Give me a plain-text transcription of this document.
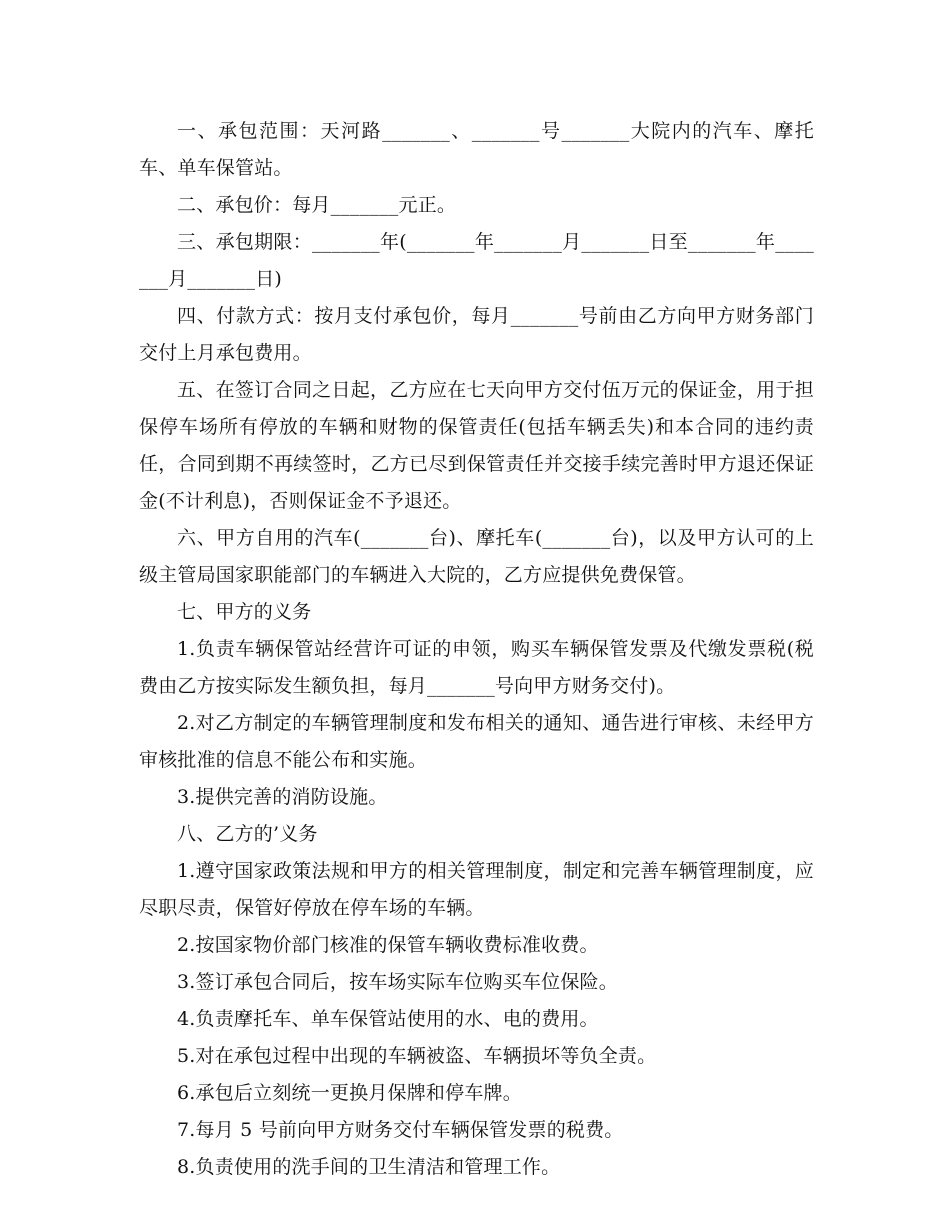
一、承包范围：天河路_______、_______号_______大院内的汽车、摩托车、单车保管站。

二、承包价：每月_______元正。

三、承包期限：_______年(_______年_______月_______日至_______年_______月_______日)

四、付款方式：按月支付承包价，每月_______号前由乙方向甲方财务部门交付上月承包费用。

五、在签订合同之日起，乙方应在七天向甲方交付伍万元的保证金，用于担保停车场所有停放的车辆和财物的保管责任(包括车辆丢失)和本合同的违约责任，合同到期不再续签时，乙方已尽到保管责任并交接手续完善时甲方退还保证金(不计利息)，否则保证金不予退还。

六、甲方自用的汽车(_______台)、摩托车(_______台)，以及甲方认可的上级主管局国家职能部门的车辆进入大院的，乙方应提供免费保管。

七、甲方的义务

1.负责车辆保管站经营许可证的申领，购买车辆保管发票及代缴发票税(税费由乙方按实际发生额负担，每月_______号向甲方财务交付)。

2.对乙方制定的车辆管理制度和发布相关的通知、通告进行审核、未经甲方审核批准的信息不能公布和实施。

3.提供完善的消防设施。

八、乙方的’义务

1.遵守国家政策法规和甲方的相关管理制度，制定和完善车辆管理制度，应尽职尽责，保管好停放在停车场的车辆。

2.按国家物价部门核准的保管车辆收费标准收费。

3.签订承包合同后，按车场实际车位购买车位保险。

4.负责摩托车、单车保管站使用的水、电的费用。

5.对在承包过程中出现的车辆被盗、车辆损坏等负全责。

6.承包后立刻统一更换月保牌和停车牌。

7.每月 5 号前向甲方财务交付车辆保管发票的税费。

8.负责使用的洗手间的卫生清洁和管理工作。
